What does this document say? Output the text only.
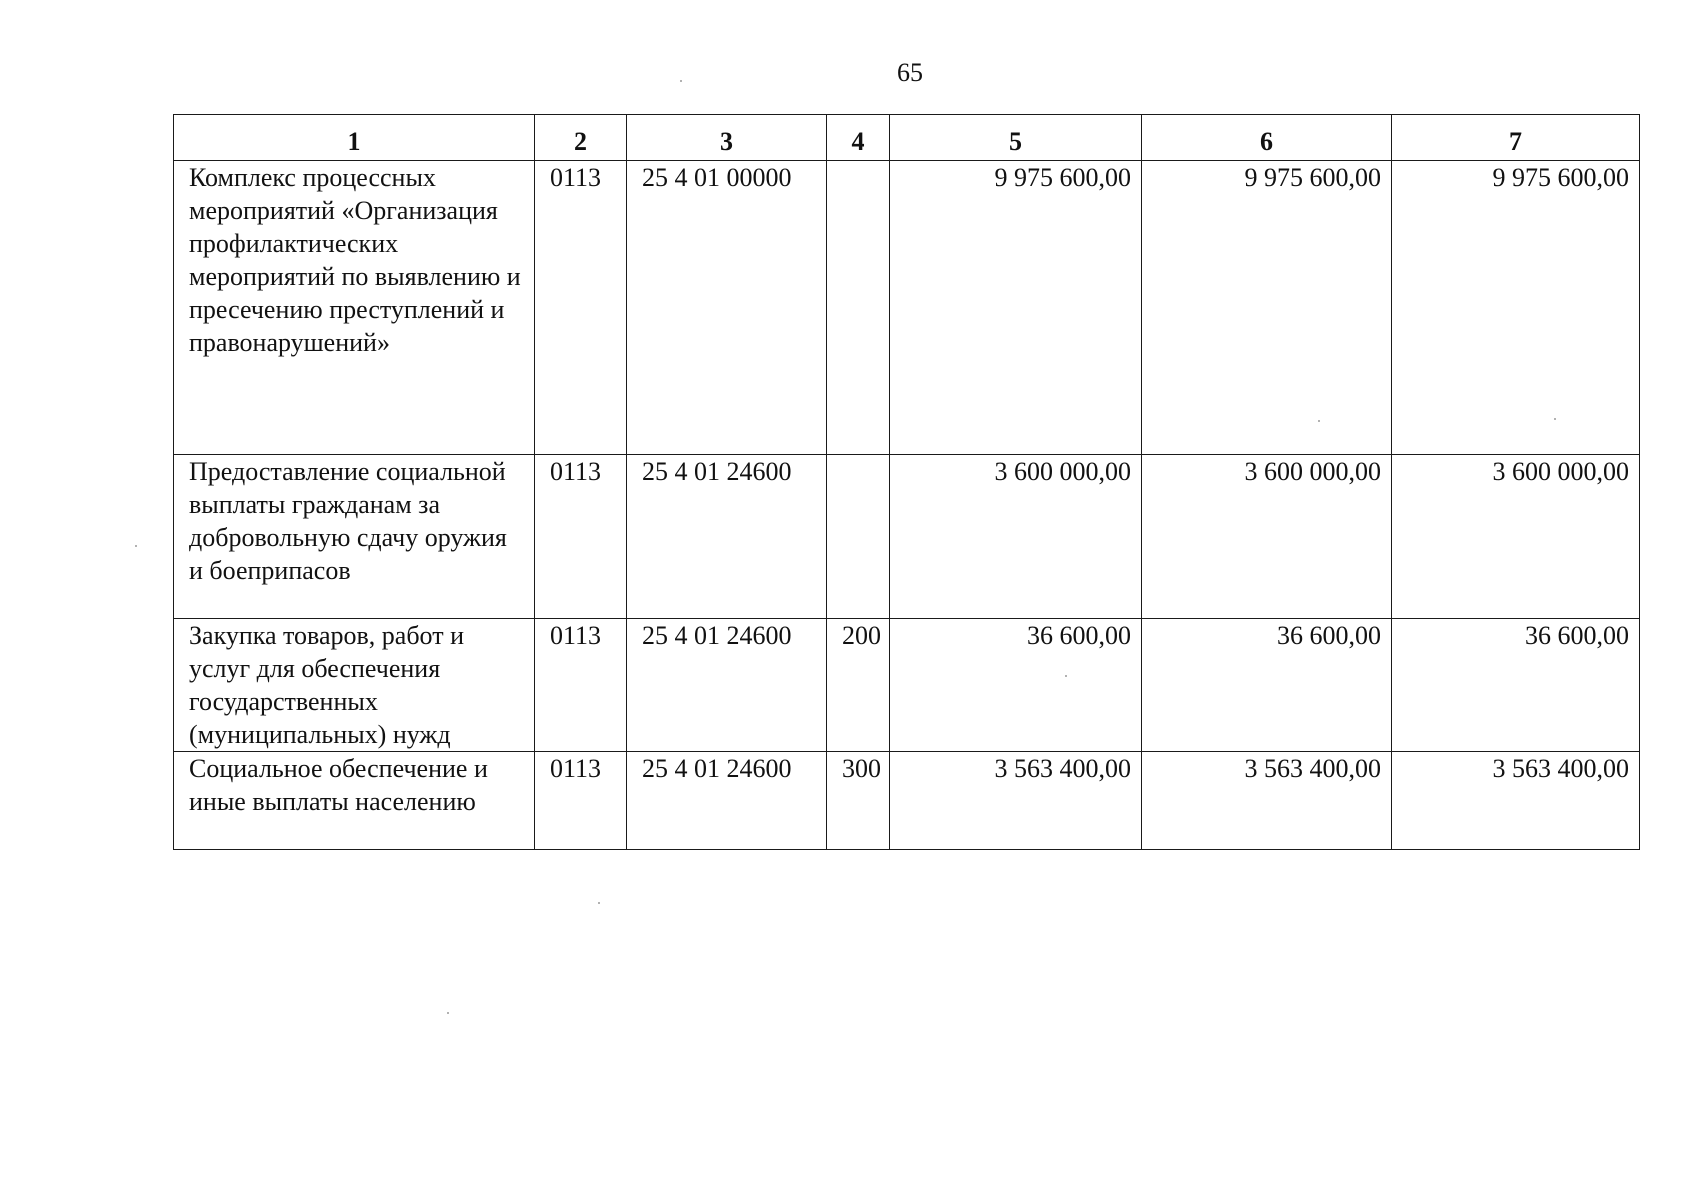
65
1	2	3	4	5	6	7
Комплекс процессных мероприятий «Организация профилактических мероприятий по выявлению и пресечению преступлений и правонарушений»	0113	25 4 01 00000		9 975 600,00	9 975 600,00	9 975 600,00
Предоставление социальной выплаты гражданам за добровольную сдачу оружия и боеприпасов	0113	25 4 01 24600		3 600 000,00	3 600 000,00	3 600 000,00
Закупка товаров, работ и услуг для обеспечения государственных (муниципальных) нужд	0113	25 4 01 24600	200	36 600,00	36 600,00	36 600,00
Социальное обеспечение и иные выплаты населению	0113	25 4 01 24600	300	3 563 400,00	3 563 400,00	3 563 400,00
